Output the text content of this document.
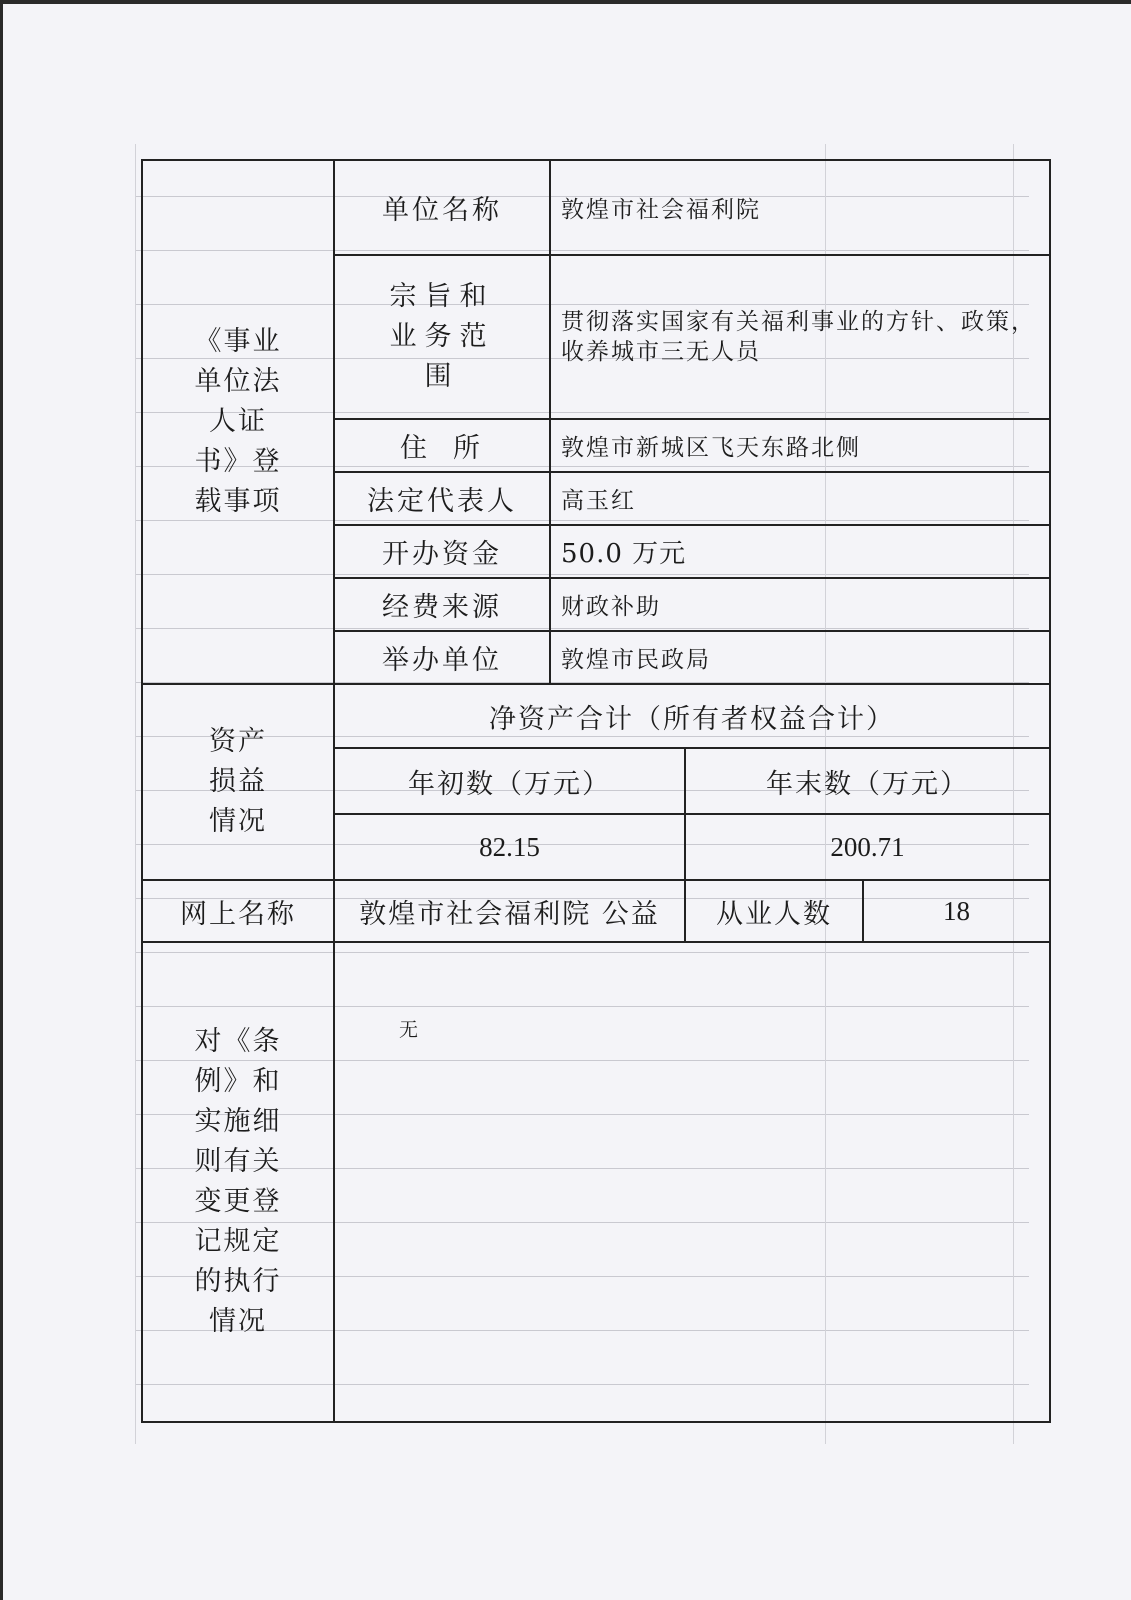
《事业单位法人证书》登载事项	单位名称	敦煌市社会福利院		

	宗旨和业务范围	贯彻落实国家有关福利事业的方针、政策，收养城市三无人员		
	住所	敦煌市新城区飞天东路北侧		
	法定代表人	高玉红		
	开办资金	50.0 万元		
	经费来源	财政补助		
	举办单位	敦煌市民政局		

资产损益情况	净资产合计（所有者权益合计）			
	年初数（万元）		年末数（万元）	
	82.15		200.71	
网上名称	敦煌市社会福利院 公益		从业人数	18

对《条例》和实施细则有关变更登记规定的执行情况	无			
